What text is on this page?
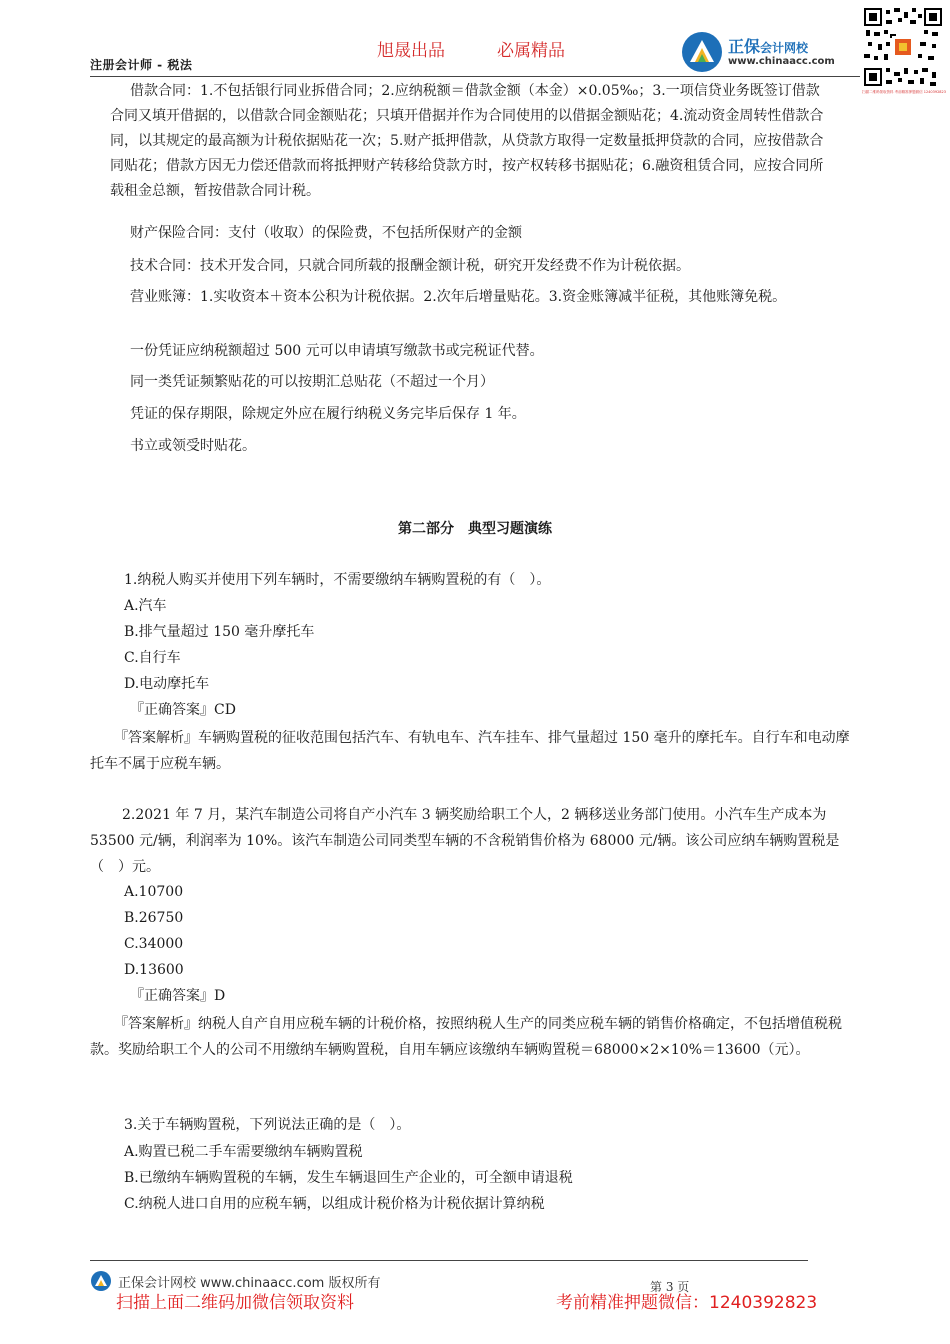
旭晟出品	必属精品
注册会计师 - 税法
正保会计网校
www.chinaacc.com
扫描二维码领取资料 考前精准押题微信 1240392823
借款合同：1.不包括银行同业拆借合同；2.应纳税额＝借款金额（本金）×0.05‰；3.一项信贷业务既签订借款合同又填开借据的，以借款合同金额贴花；只填开借据并作为合同使用的以借据金额贴花；4.流动资金周转性借款合同，以其规定的最高额为计税依据贴花一次；5.财产抵押借款，从贷款方取得一定数量抵押贷款的合同，应按借款合同贴花；借款方因无力偿还借款而将抵押财产转移给贷款方时，按产权转移书据贴花；6.融资租赁合同，应按合同所载租金总额，暂按借款合同计税。
财产保险合同：支付（收取）的保险费，不包括所保财产的金额
技术合同：技术开发合同，只就合同所载的报酬金额计税，研究开发经费不作为计税依据。
营业账簿：1.实收资本＋资本公积为计税依据。2.次年后增量贴花。3.资金账簿减半征税，其他账簿免税。
一份凭证应纳税额超过 500 元可以申请填写缴款书或完税证代替。
同一类凭证频繁贴花的可以按期汇总贴花（不超过一个月）
凭证的保存期限，除规定外应在履行纳税义务完毕后保存 1 年。
书立或领受时贴花。
第二部分　典型习题演练
1.纳税人购买并使用下列车辆时，不需要缴纳车辆购置税的有（　）。
A.汽车
B.排气量超过 150 毫升摩托车
C.自行车
D.电动摩托车
『正确答案』CD
『答案解析』车辆购置税的征收范围包括汽车、有轨电车、汽车挂车、排气量超过 150 毫升的摩托车。自行车和电动摩托车不属于应税车辆。
2.2021 年 7 月，某汽车制造公司将自产小汽车 3 辆奖励给职工个人，2 辆移送业务部门使用。小汽车生产成本为 53500 元/辆，利润率为 10%。该汽车制造公司同类型车辆的不含税销售价格为 68000 元/辆。该公司应纳车辆购置税是（　）元。
A.10700
B.26750
C.34000
D.13600
『正确答案』D
『答案解析』纳税人自产自用应税车辆的计税价格，按照纳税人生产的同类应税车辆的销售价格确定，不包括增值税税款。奖励给职工个人的公司不用缴纳车辆购置税，自用车辆应该缴纳车辆购置税＝68000×2×10%＝13600（元）。
3.关于车辆购置税，下列说法正确的是（　）。
A.购置已税二手车需要缴纳车辆购置税
B.已缴纳车辆购置税的车辆，发生车辆退回生产企业的，可全额申请退税
C.纳税人进口自用的应税车辆，以组成计税价格为计税依据计算纳税
正保会计网校 www.chinaacc.com 版权所有	第 3 页
扫描上面二维码加微信领取资料	考前精准押题微信：1240392823
